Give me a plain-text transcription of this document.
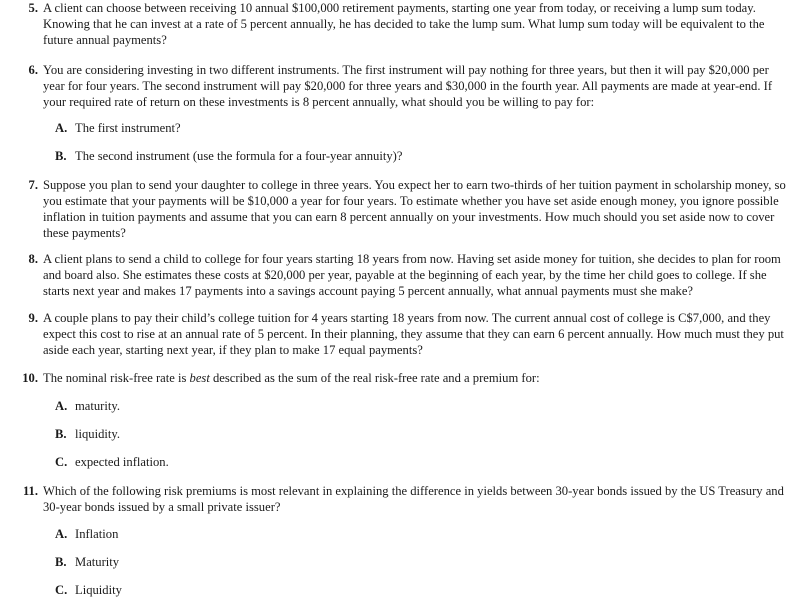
5. A client can choose between receiving 10 annual $100,000 retirement payments, starting one year from today, or receiving a lump sum today. Knowing that he can invest at a rate of 5 percent annually, he has decided to take the lump sum. What lump sum today will be equivalent to the future annual payments?
6. You are considering investing in two different instruments. The first instrument will pay nothing for three years, but then it will pay $20,000 per year for four years. The second instrument will pay $20,000 for three years and $30,000 in the fourth year. All payments are made at year-end. If your required rate of return on these investments is 8 percent annually, what should you be willing to pay for:
A. The first instrument?
B. The second instrument (use the formula for a four-year annuity)?
7. Suppose you plan to send your daughter to college in three years. You expect her to earn two-thirds of her tuition payment in scholarship money, so you estimate that your payments will be $10,000 a year for four years. To estimate whether you have set aside enough money, you ignore possible inflation in tuition payments and assume that you can earn 8 percent annually on your investments. How much should you set aside now to cover these payments?
8. A client plans to send a child to college for four years starting 18 years from now. Having set aside money for tuition, she decides to plan for room and board also. She estimates these costs at $20,000 per year, payable at the beginning of each year, by the time her child goes to college. If she starts next year and makes 17 payments into a savings account paying 5 percent annually, what annual payments must she make?
9. A couple plans to pay their child’s college tuition for 4 years starting 18 years from now. The current annual cost of college is C$7,000, and they expect this cost to rise at an annual rate of 5 percent. In their planning, they assume that they can earn 6 percent annually. How much must they put aside each year, starting next year, if they plan to make 17 equal payments?
10. The nominal risk-free rate is best described as the sum of the real risk-free rate and a premium for:
A. maturity.
B. liquidity.
C. expected inflation.
11. Which of the following risk premiums is most relevant in explaining the difference in yields between 30-year bonds issued by the US Treasury and 30-year bonds issued by a small private issuer?
A. Inflation
B. Maturity
C. Liquidity
